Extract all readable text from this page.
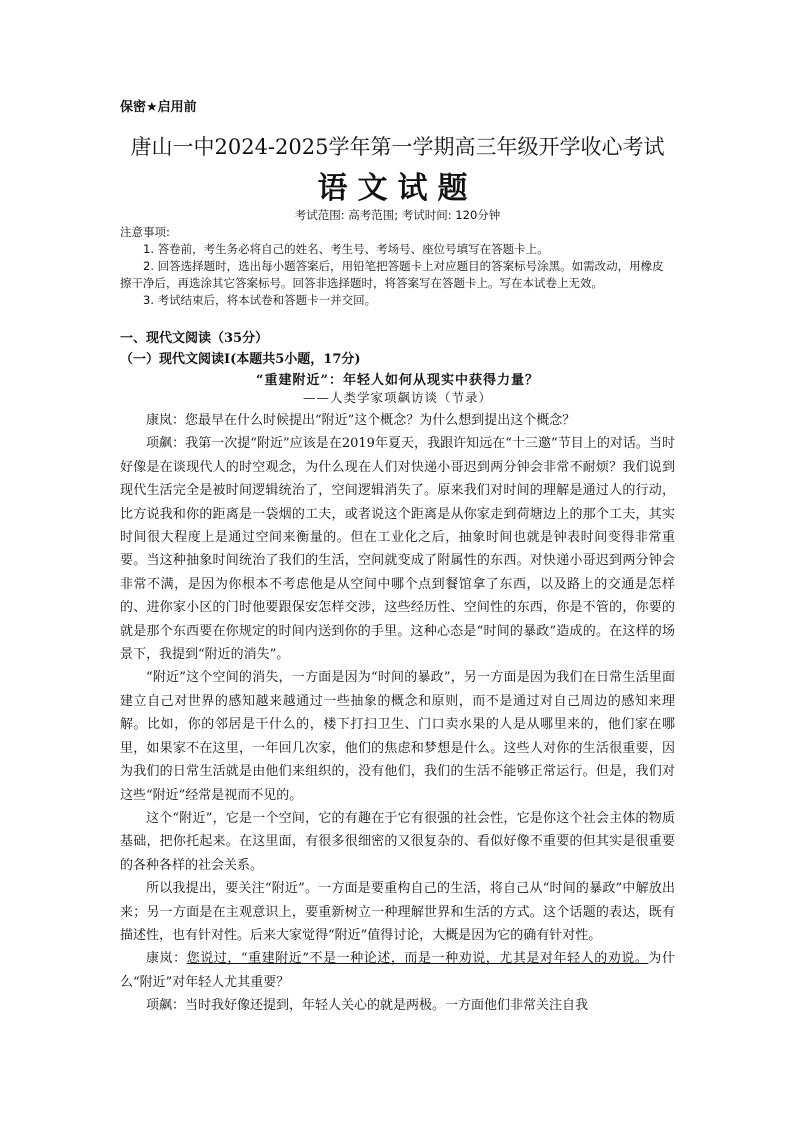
保密★启用前
唐山一中2024-2025学年第一学期高三年级开学收心考试
语文试题
考试范围: 高考范围; 考试时间: 120分钟

注意事项:

1. 答卷前，考生务必将自己的姓名、考生号、考场号、座位号填写在答题卡上。

2. 回答选择题时，选出每小题答案后，用铅笔把答题卡上对应题目的答案标号涂黑。如需改动，用橡皮擦干净后，再选涂其它答案标号。回答非选择题时，将答案写在答题卡上。写在本试卷上无效。

3. 考试结束后，将本试卷和答题卡一并交回。

一、现代文阅读（35分）
（一）现代文阅读Ⅰ(本题共5小题，17分)
“重建附近”：年轻人如何从现实中获得力量？
——人类学家项飙访谈（节录）

康岚：您最早在什么时候提出“附近”这个概念？为什么想到提出这个概念？

项飙：我第一次提“附近”应该是在2019年夏天，我跟许知远在“十三邀”节目上的对话。当时好像是在谈现代人的时空观念，为什么现在人们对快递小哥迟到两分钟会非常不耐烦？我们说到现代生活完全是被时间逻辑统治了，空间逻辑消失了。原来我们对时间的理解是通过人的行动，比方说我和你的距离是一袋烟的工夫，或者说这个距离是从你家走到荷塘边上的那个工夫，其实时间很大程度上是通过空间来衡量的。但在工业化之后，抽象时间也就是钟表时间变得非常重要。当这种抽象时间统治了我们的生活，空间就变成了附属性的东西。对快递小哥迟到两分钟会非常不满，是因为你根本不考虑他是从空间中哪个点到餐馆拿了东西，以及路上的交通是怎样的、进你家小区的门时他要跟保安怎样交涉，这些经历性、空间性的东西，你是不管的，你要的就是那个东西要在你规定的时间内送到你的手里。这种心态是“时间的暴政”造成的。在这样的场景下，我提到“附近的消失”。

“附近”这个空间的消失，一方面是因为“时间的暴政”，另一方面是因为我们在日常生活里面建立自己对世界的感知越来越通过一些抽象的概念和原则，而不是通过对自己周边的感知来理解。比如，你的邻居是干什么的，楼下打扫卫生、门口卖水果的人是从哪里来的，他们家在哪里，如果家不在这里，一年回几次家，他们的焦虑和梦想是什么。这些人对你的生活很重要，因为我们的日常生活就是由他们来组织的，没有他们，我们的生活不能够正常运行。但是，我们对这些“附近”经常是视而不见的。

这个“附近”，它是一个空间，它的有趣在于它有很强的社会性，它是你这个社会主体的物质基础，把你托起来。在这里面，有很多很细密的又很复杂的、看似好像不重要的但其实是很重要的各种各样的社会关系。

所以我提出，要关注“附近”。一方面是要重构自己的生活，将自己从“时间的暴政”中解放出来；另一方面是在主观意识上，要重新树立一种理解世界和生活的方式。这个话题的表达，既有描述性，也有针对性。后来大家觉得“附近”值得讨论，大概是因为它的确有针对性。

康岚：您说过，“重建附近”不是一种论述，而是一种劝说，尤其是对年轻人的劝说。为什么“附近”对年轻人尤其重要？

项飙：当时我好像还提到，年轻人关心的就是两极。一方面他们非常关注自我
